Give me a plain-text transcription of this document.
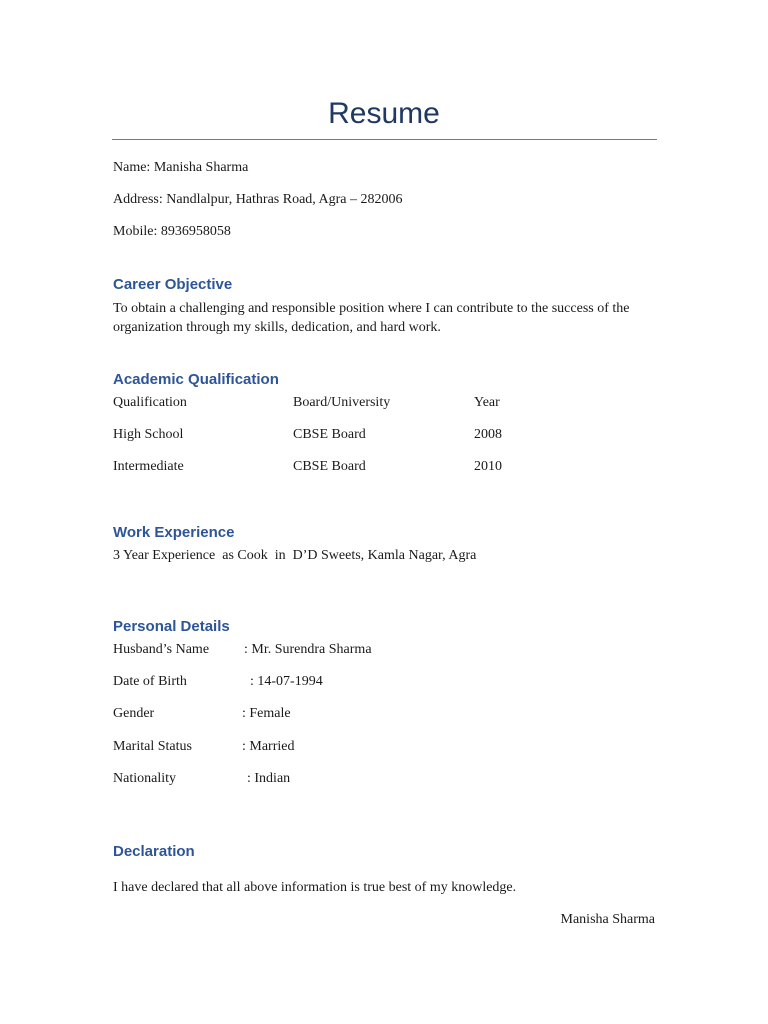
Resume
Name: Manisha Sharma
Address: Nandlalpur, Hathras Road, Agra – 282006
Mobile: 8936958058
Career Objective
To obtain a challenging and responsible position where I can contribute to the success of the organization through my skills, dedication, and hard work.
Academic Qualification
Qualification	Board/University	Year
High School	CBSE Board	2008
Intermediate	CBSE Board	2010
Work Experience
3 Year Experience  as Cook  in  D’D Sweets, Kamla Nagar, Agra
Personal Details
Husband’s Name : Mr. Surendra Sharma
Date of Birth	: 14-07-1994
Gender	: Female
Marital Status	: Married
Nationality	: Indian
Declaration
I have declared that all above information is true best of my knowledge.
Manisha Sharma
